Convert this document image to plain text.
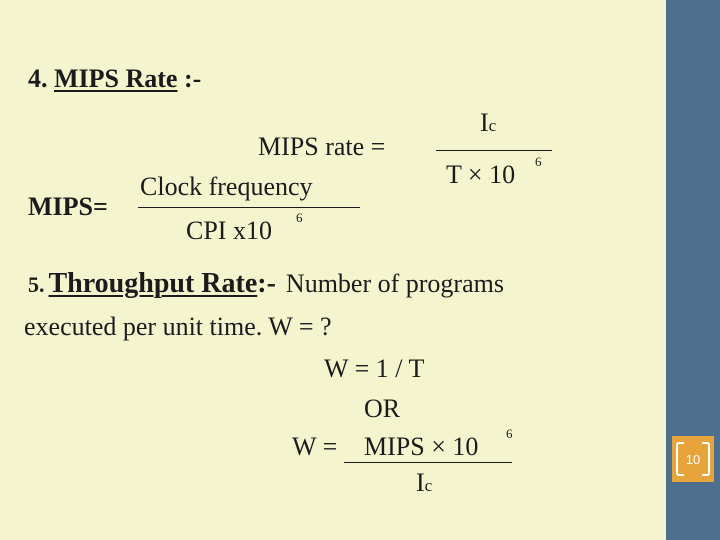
4. MIPS Rate :-
MIPS rate =
Ic
T × 10 6
MIPS=
Clock frequency
CPI x10 6
5. Throughput Rate:- Number of programs
executed per unit time. W = ?
W = 1 / T
OR
W = MIPS × 10 6
Ic
10
